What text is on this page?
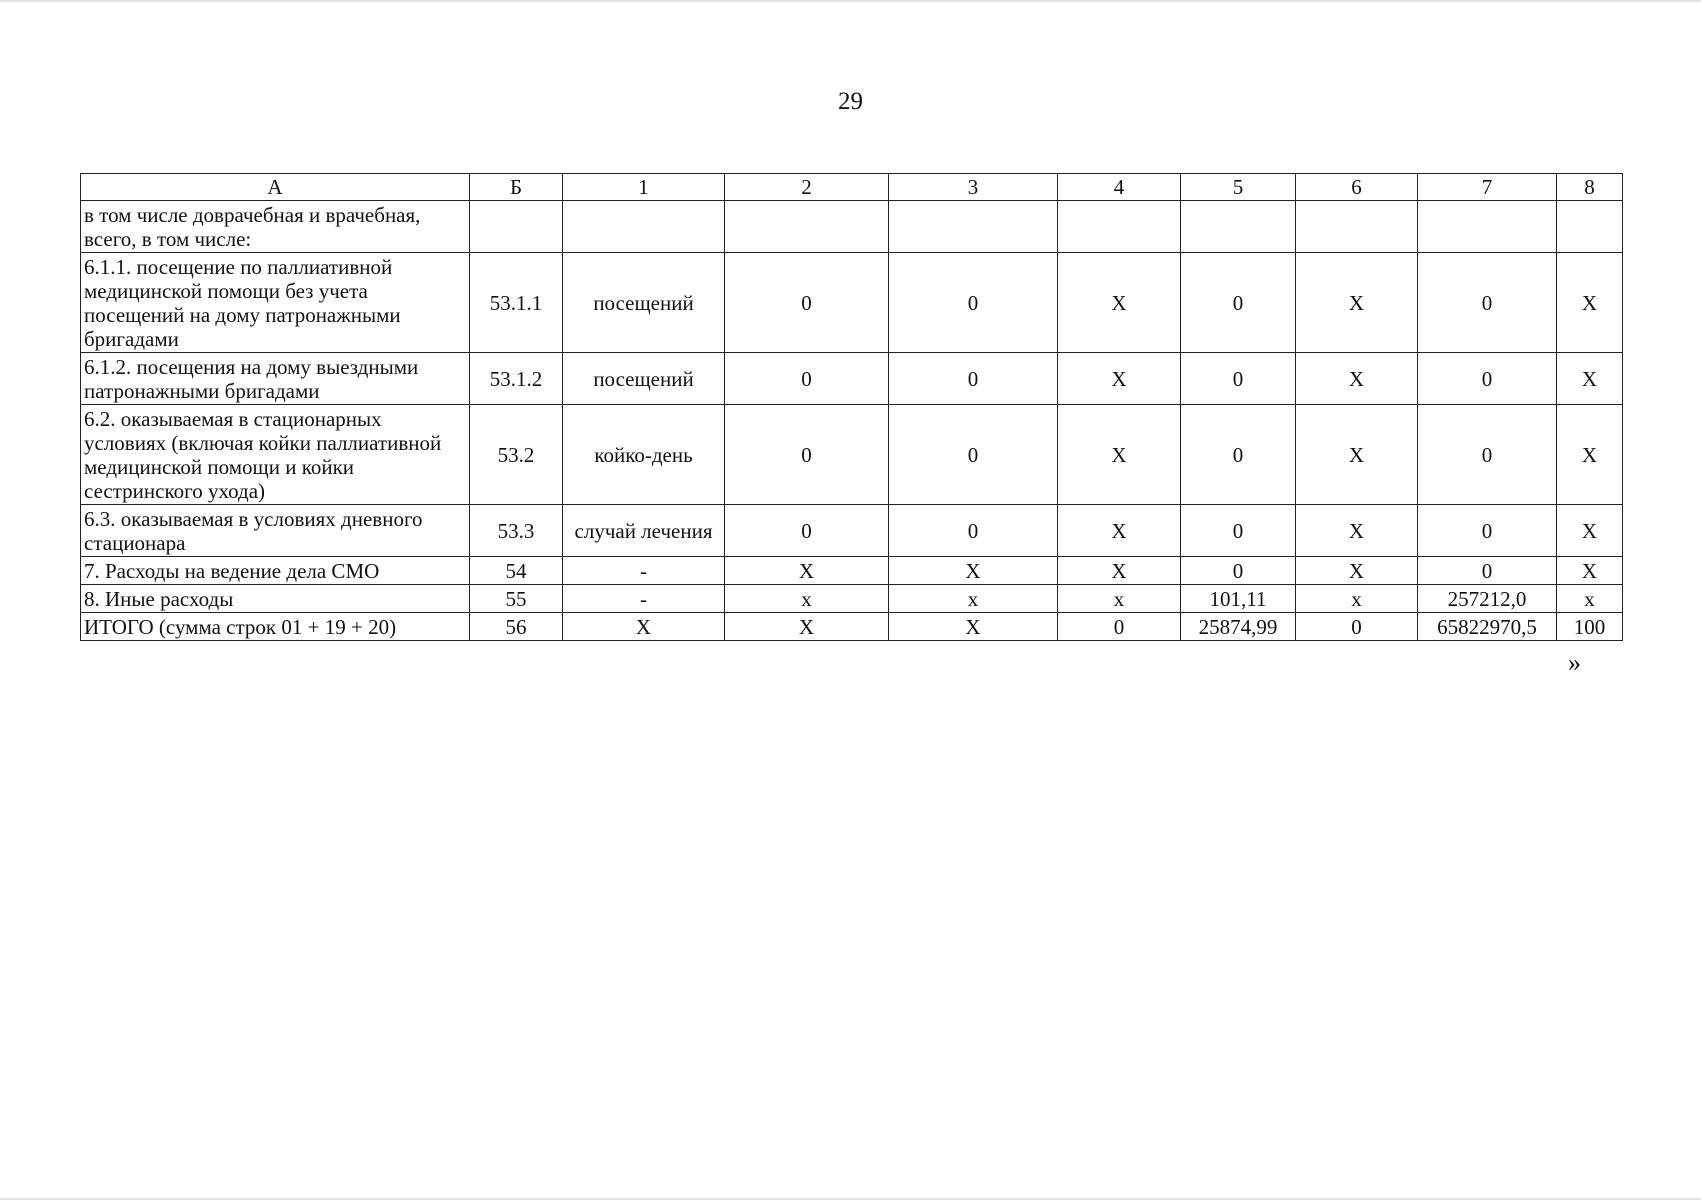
29
А	Б	1	2	3	4	5	6	7	8
в том числе доврачебная и врачебная, всего, в том числе:									
6.1.1. посещение по паллиативной медицинской помощи без учета посещений на дому патронажными бригадами	53.1.1	посещений	0	0	X	0	X	0	X
6.1.2. посещения на дому выездными патронажными бригадами	53.1.2	посещений	0	0	X	0	X	0	X
6.2. оказываемая в стационарных условиях (включая койки паллиативной медицинской помощи и койки сестринского ухода)	53.2	койко-день	0	0	X	0	X	0	X
6.3. оказываемая в условиях дневного стационара	53.3	случай лечения	0	0	X	0	X	0	X
7. Расходы на ведение дела СМО	54	-	X	X	X	0	X	0	X
8. Иные расходы	55	-	x	x	x	101,11	x	257212,0	x
ИТОГО (сумма строк 01 + 19 + 20)	56	X	X	X	0	25874,99	0	65822970,5	100
»
